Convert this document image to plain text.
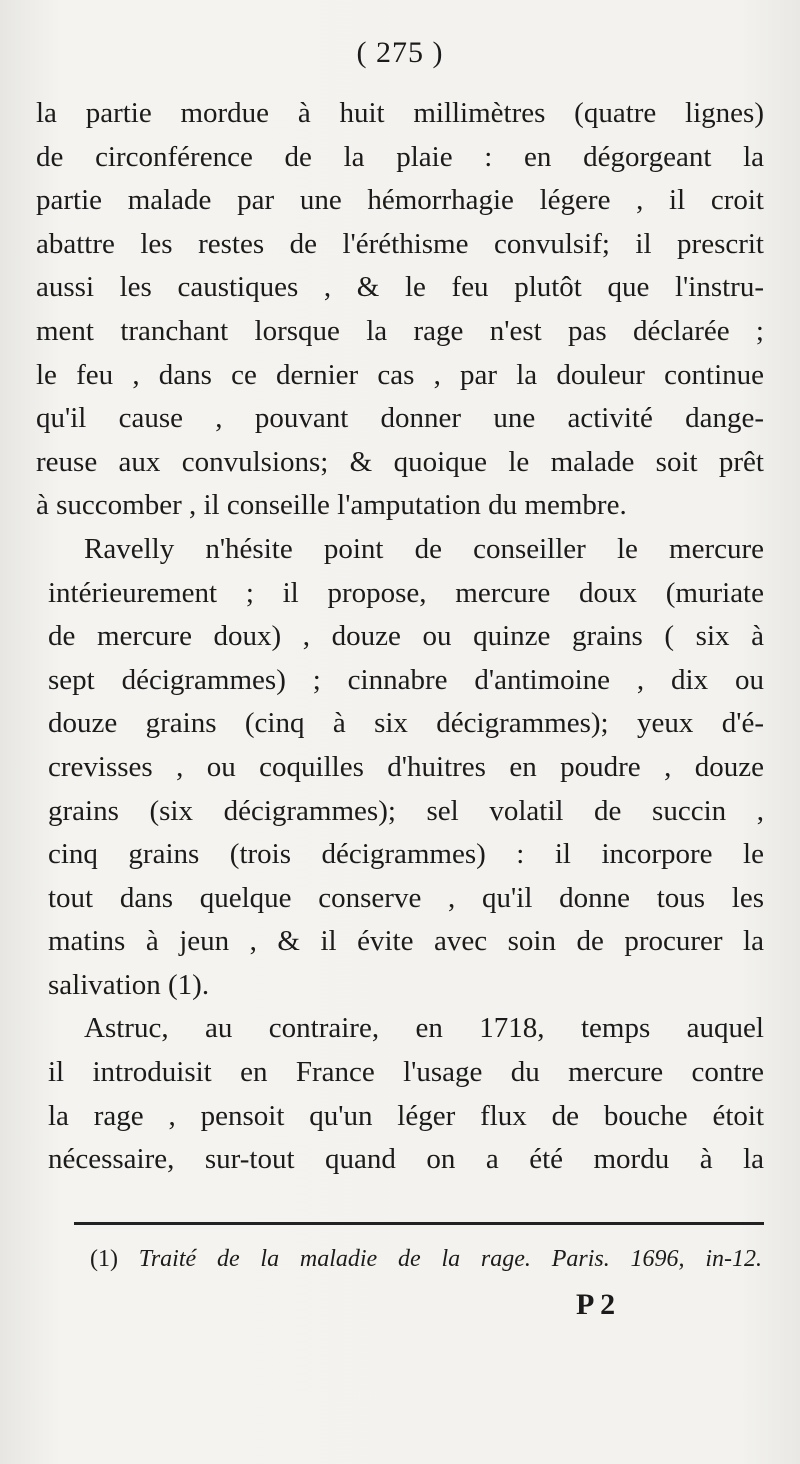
( 275 )
la partie mordue à huit millimètres (quatre lignes)
de circonférence de la plaie : en dégorgeant la
partie malade par une hémorrhagie légere , il croit
abattre les restes de l'éréthisme convulsif; il prescrit
aussi les caustiques , & le feu plutôt que l'instru-
ment tranchant lorsque la rage n'est pas déclarée ;
le feu , dans ce dernier cas , par la douleur continue
qu'il cause , pouvant donner une activité dange-
reuse aux convulsions; & quoique le malade soit prêt
à succomber , il conseille l'amputation du membre.
Ravelly n'hésite point de conseiller le mercure
intérieurement ; il propose, mercure doux (muriate
de mercure doux) , douze ou quinze grains ( six à
sept décigrammes) ; cinnabre d'antimoine , dix ou
douze grains (cinq à six décigrammes); yeux d'é-
crevisses , ou coquilles d'huitres en poudre , douze
grains (six décigrammes); sel volatil de succin ,
cinq grains (trois décigrammes) : il incorpore le
tout dans quelque conserve , qu'il donne tous les
matins à jeun , & il évite avec soin de procurer la
salivation (1).
Astruc, au contraire, en 1718, temps auquel
il introduisit en France l'usage du mercure contre
la rage , pensoit qu'un léger flux de bouche étoit
nécessaire, sur-tout quand on a été mordu à la
(1) Traité de la maladie de la rage. Paris. 1696, in-12.
P 2
